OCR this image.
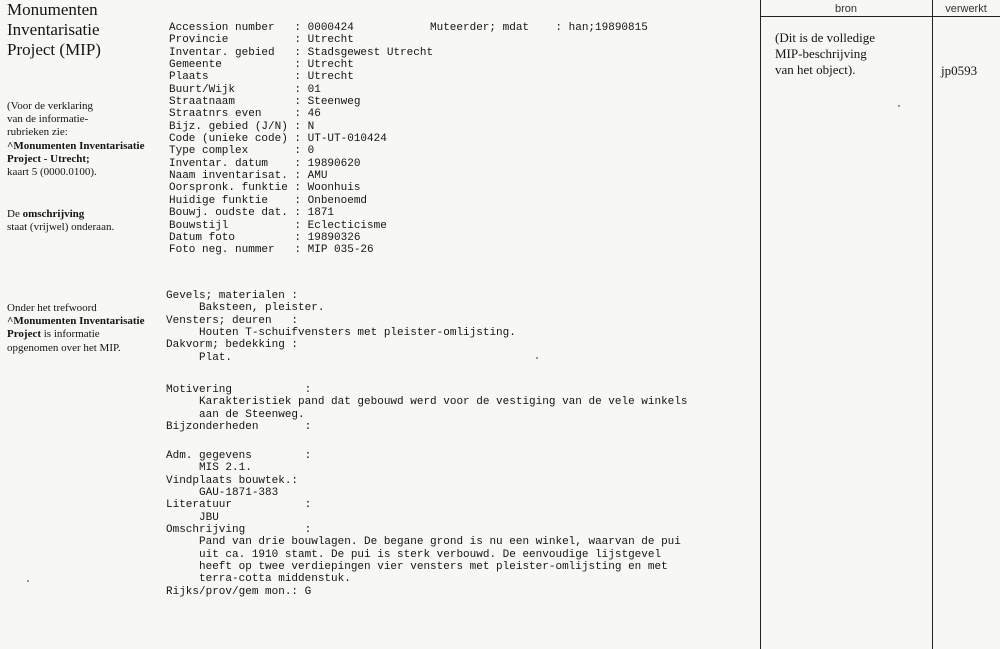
Monumenten
Inventarisatie
Project (MIP)
(Voor de verklaring
van de informatie-
rubrieken zie:
^Monumenten Inventarisatie
Project - Utrecht;
kaart 5 (0000.0100).
De omschrijving
staat (vrijwel) onderaan.
Onder het trefwoord
^Monumenten Inventarisatie
Project is informatie
opgenomen over het MIP.
Accession number   : 0000424
Provincie          : Utrecht
Inventar. gebied   : Stadsgewest Utrecht
Gemeente           : Utrecht
Plaats             : Utrecht
Buurt/Wijk         : 01
Straatnaam         : Steenweg
Straatnrs even     : 46
Bijz. gebied (J/N) : N
Code (unieke code) : UT-UT-010424
Type complex       : 0
Inventar. datum    : 19890620
Naam inventarisat. : AMU
Oorspronk. funktie : Woonhuis
Huidige funktie    : Onbenoemd
Bouwj. oudste dat. : 1871
Bouwstijl          : Eclecticisme
Datum foto         : 19890326
Foto neg. nummer   : MIP 035-26
Muteerder; mdat    : han;19890815
Gevels; materialen :
Baksteen, pleister.
Vensters; deuren   :
Houten T-schuifvensters met pleister-omlijsting.
Dakvorm; bedekking :
Plat.
Motivering           :
Karakteristiek pand dat gebouwd werd voor de vestiging van de vele winkels
aan de Steenweg.
Bijzonderheden       :
Adm. gegevens        :
MIS 2.1.
Vindplaats bouwtek.:
GAU-1871-383
Literatuur           :
JBU
Omschrijving         :
Pand van drie bouwlagen. De begane grond is nu een winkel, waarvan de pui
uit ca. 1910 stamt. De pui is sterk verbouwd. De eenvoudige lijstgevel
heeft op twee verdiepingen vier vensters met pleister-omlijsting en met
terra-cotta middenstuk.
Rijks/prov/gem mon.: G
bron	verwerkt
(Dit is de volledige
MIP-beschrijving
van het object).	jp0593
